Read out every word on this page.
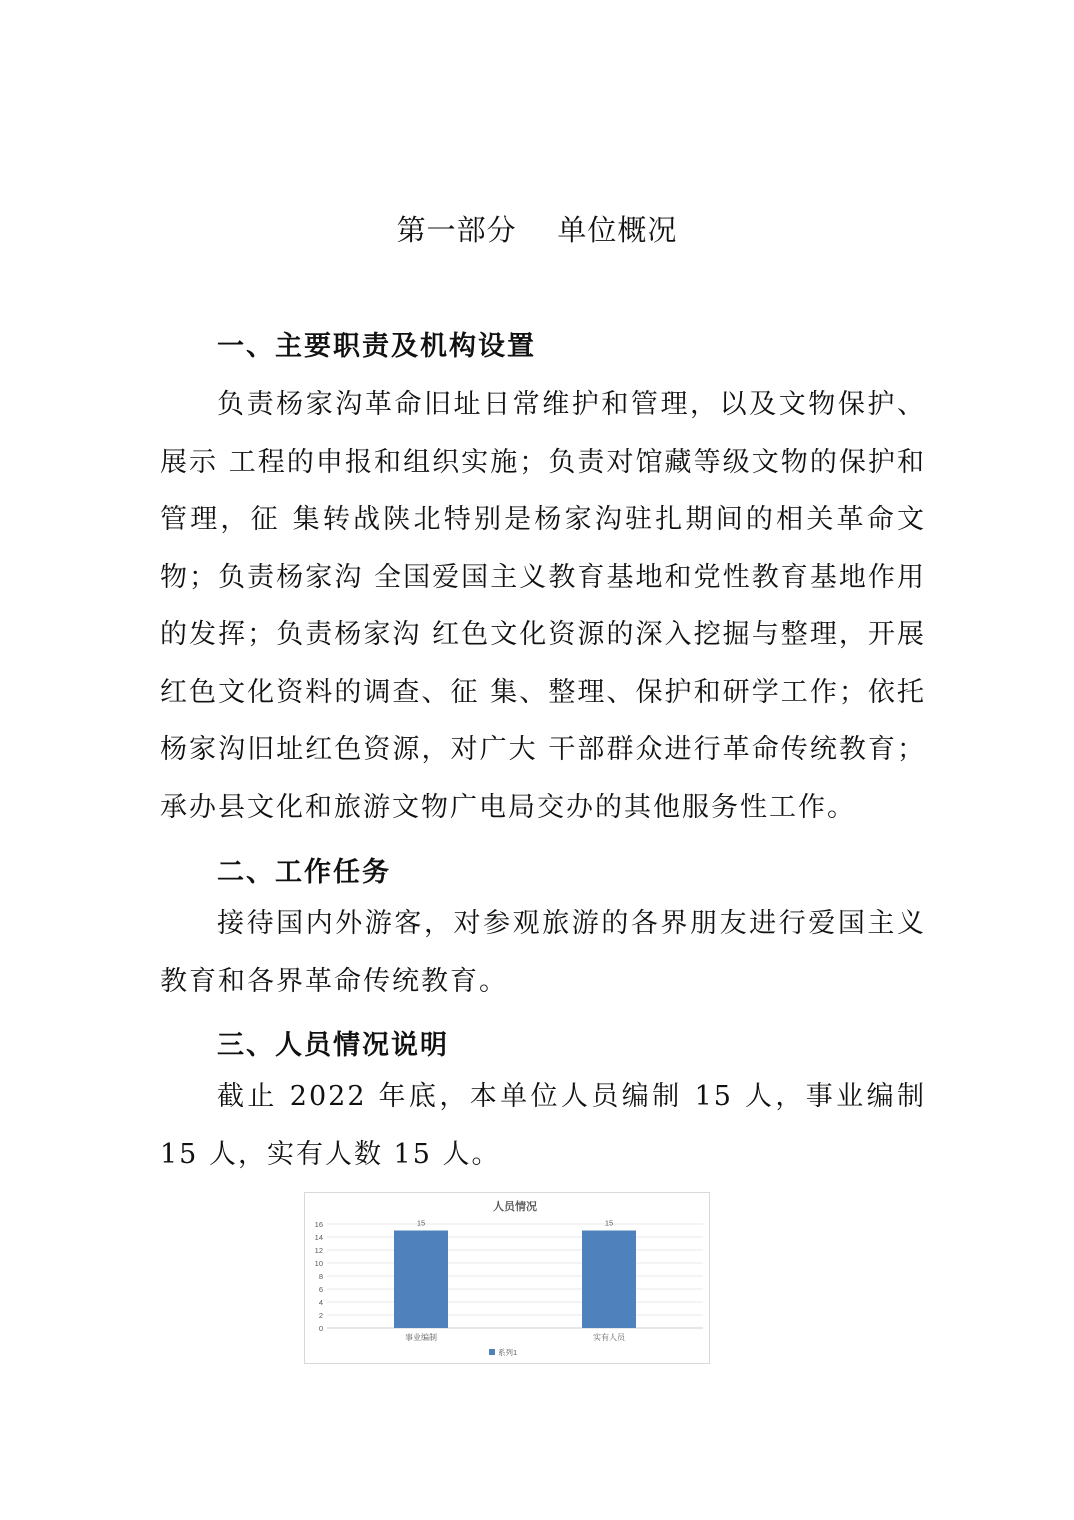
第一部分    单位概况
一、主要职责及机构设置

负责杨家沟革命旧址日常维护和管理，以及文物保护、展示 工程的申报和组织实施；负责对馆藏等级文物的保护和管理，征 集转战陕北特别是杨家沟驻扎期间的相关革命文物；负责杨家沟 全国爱国主义教育基地和党性教育基地作用的发挥；负责杨家沟 红色文化资源的深入挖掘与整理，开展红色文化资料的调查、征 集、整理、保护和研学工作；依托杨家沟旧址红色资源，对广大 干部群众进行革命传统教育；承办县文化和旅游文物广电局交办的其他服务性工作。

二、工作任务

接待国内外游客，对参观旅游的各界朋友进行爱国主义教育和各界革命传统教育。

三、人员情况说明

截止 2022 年底，本单位人员编制 15 人，事业编制 15 人，实有人数 15 人。

人员情况
0
2
4
6
8
10
12
14
16	15	15
事业编制	实有人员
系列1
